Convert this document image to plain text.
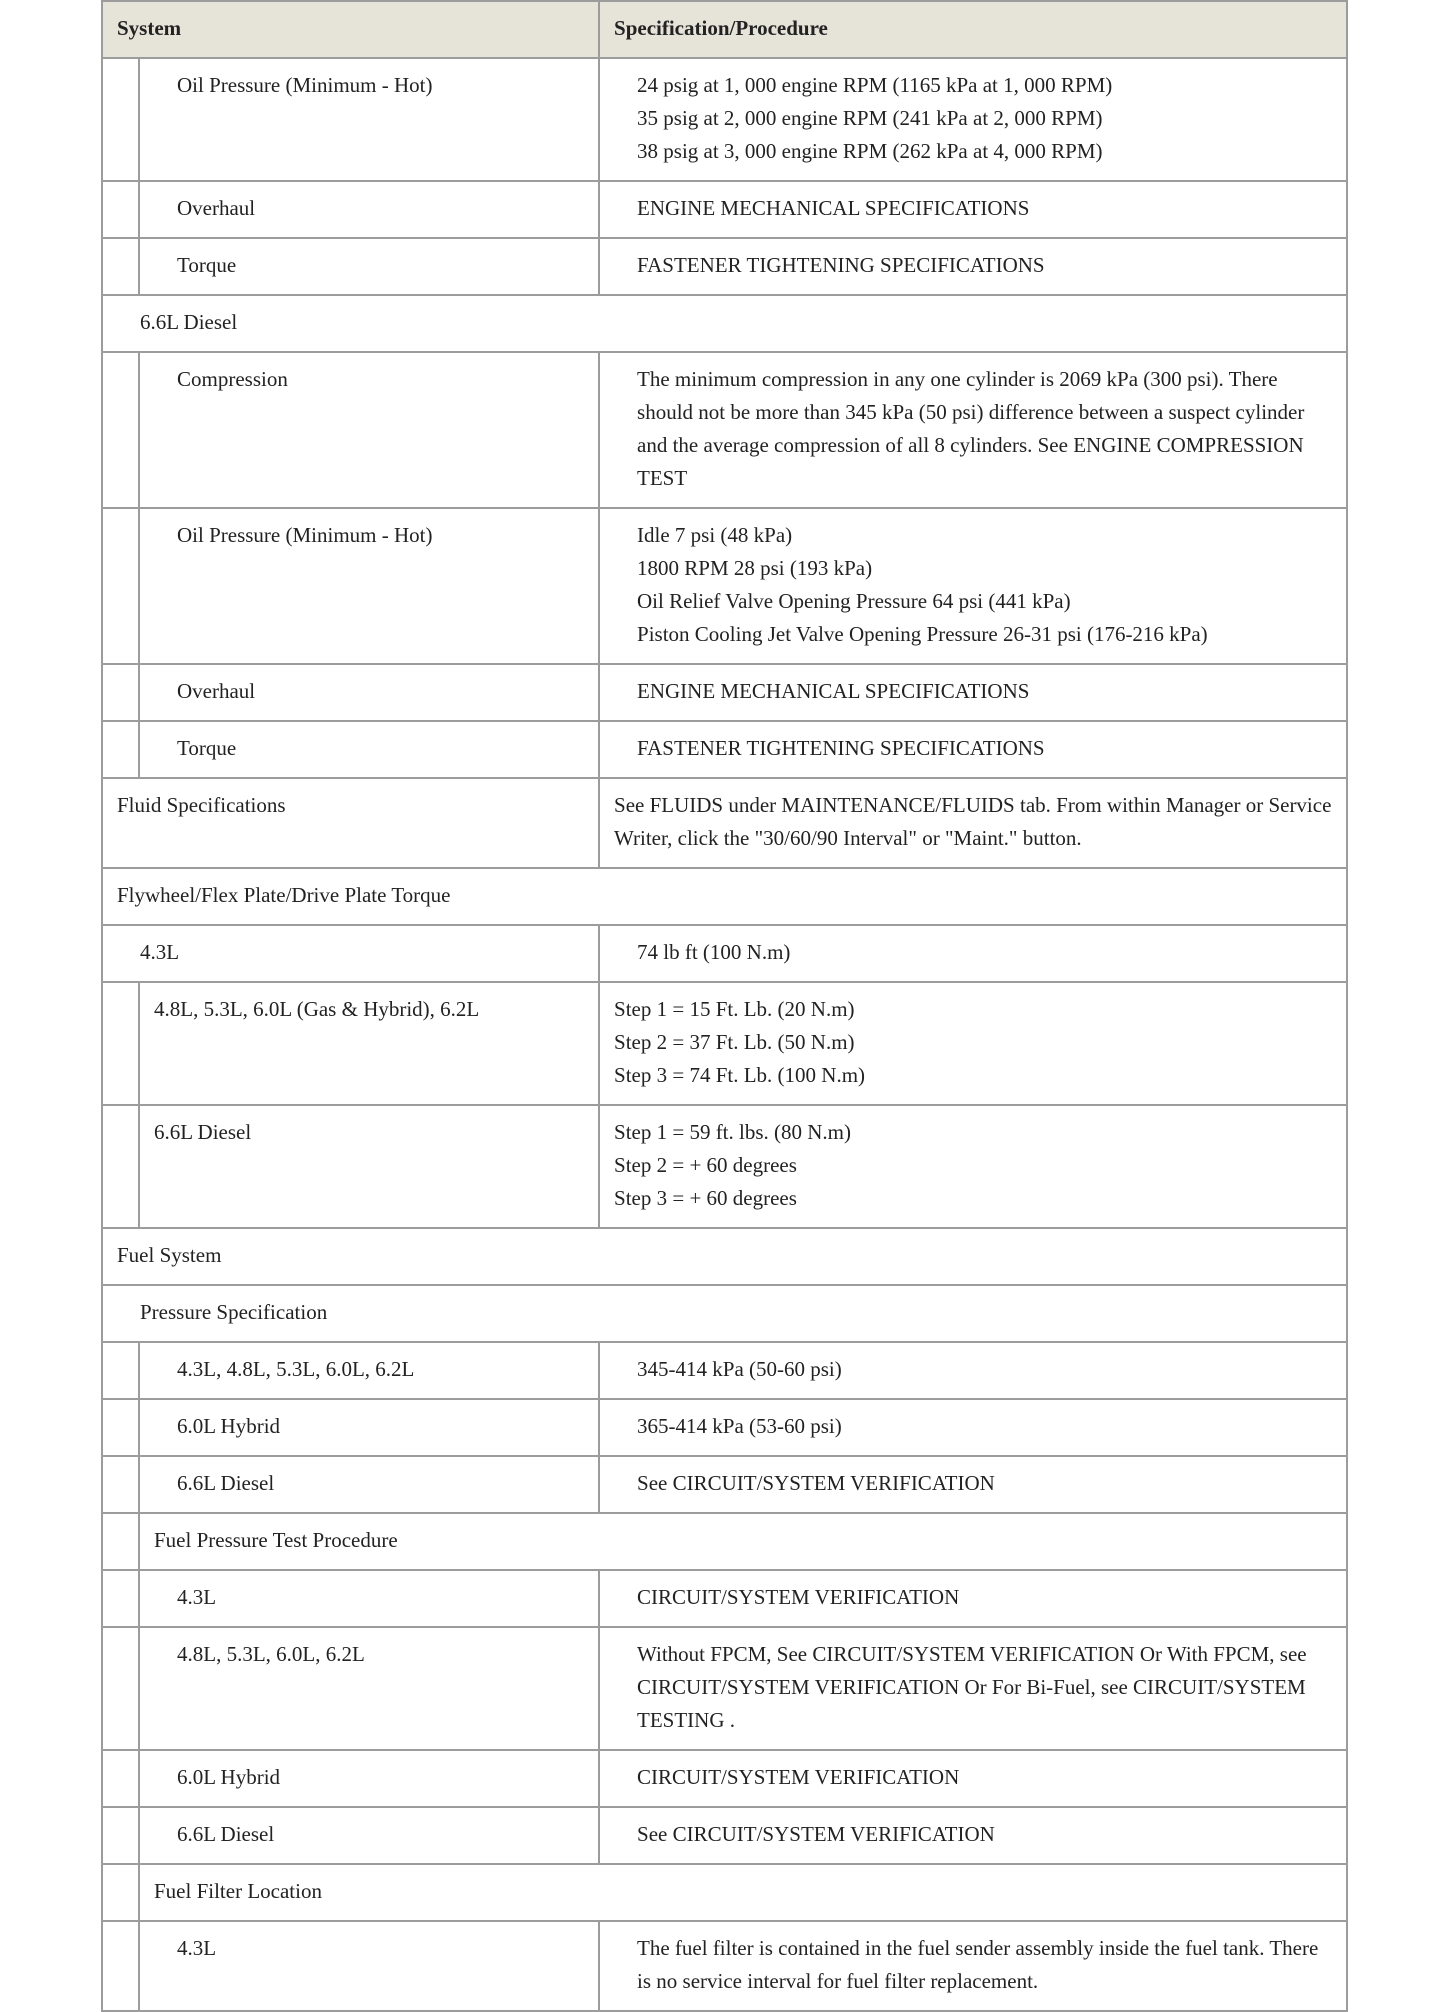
System		Specification/Procedure
	Oil Pressure (Minimum - Hot)	24 psig at 1, 000 engine RPM (1165 kPa at 1, 000 RPM)
35 psig at 2, 000 engine RPM (241 kPa at 2, 000 RPM)
38 psig at 3, 000 engine RPM (262 kPa at 4, 000 RPM)

	Overhaul	ENGINE MECHANICAL SPECIFICATIONS
	Torque	FASTENER TIGHTENING SPECIFICATIONS
6.6L Diesel		
	Compression	The minimum compression in any one cylinder is 2069 kPa (300 psi). There should not be more than 345 kPa (50 psi) difference between a suspect cylinder and the average compression of all 8 cylinders. See ENGINE COMPRESSION TEST
	Oil Pressure (Minimum - Hot)	Idle 7 psi (48 kPa)
1800 RPM 28 psi (193 kPa)
Oil Relief Valve Opening Pressure 64 psi (441 kPa)
Piston Cooling Jet Valve Opening Pressure 26-31 psi (176-216 kPa)

	Overhaul	ENGINE MECHANICAL SPECIFICATIONS
	Torque	FASTENER TIGHTENING SPECIFICATIONS
Fluid Specifications		See FLUIDS under MAINTENANCE/FLUIDS tab. From within Manager or Service Writer, click the "30/60/90 Interval" or "Maint." button.
Flywheel/Flex Plate/Drive Plate Torque		
4.3L		74 lb ft (100 N.m)
	4.8L, 5.3L, 6.0L (Gas & Hybrid), 6.2L	Step 1 = 15 Ft. Lb. (20 N.m)
Step 2 = 37 Ft. Lb. (50 N.m)
Step 3 = 74 Ft. Lb. (100 N.m)

	6.6L Diesel	Step 1 = 59 ft. lbs. (80 N.m)
Step 2 = + 60 degrees
Step 3 = + 60 degrees

Fuel System		
Pressure Specification		
	4.3L, 4.8L, 5.3L, 6.0L, 6.2L	345-414 kPa (50-60 psi)
	6.0L Hybrid	365-414 kPa (53-60 psi)
	6.6L Diesel	See CIRCUIT/SYSTEM VERIFICATION
	Fuel Pressure Test Procedure	
	4.3L	CIRCUIT/SYSTEM VERIFICATION
	4.8L, 5.3L, 6.0L, 6.2L	Without FPCM, See CIRCUIT/SYSTEM VERIFICATION Or With FPCM, see CIRCUIT/SYSTEM VERIFICATION Or For Bi-Fuel, see CIRCUIT/SYSTEM TESTING .
	6.0L Hybrid	CIRCUIT/SYSTEM VERIFICATION
	6.6L Diesel	See CIRCUIT/SYSTEM VERIFICATION
	Fuel Filter Location	
	4.3L	The fuel filter is contained in the fuel sender assembly inside the fuel tank. There is no service interval for fuel filter replacement.
